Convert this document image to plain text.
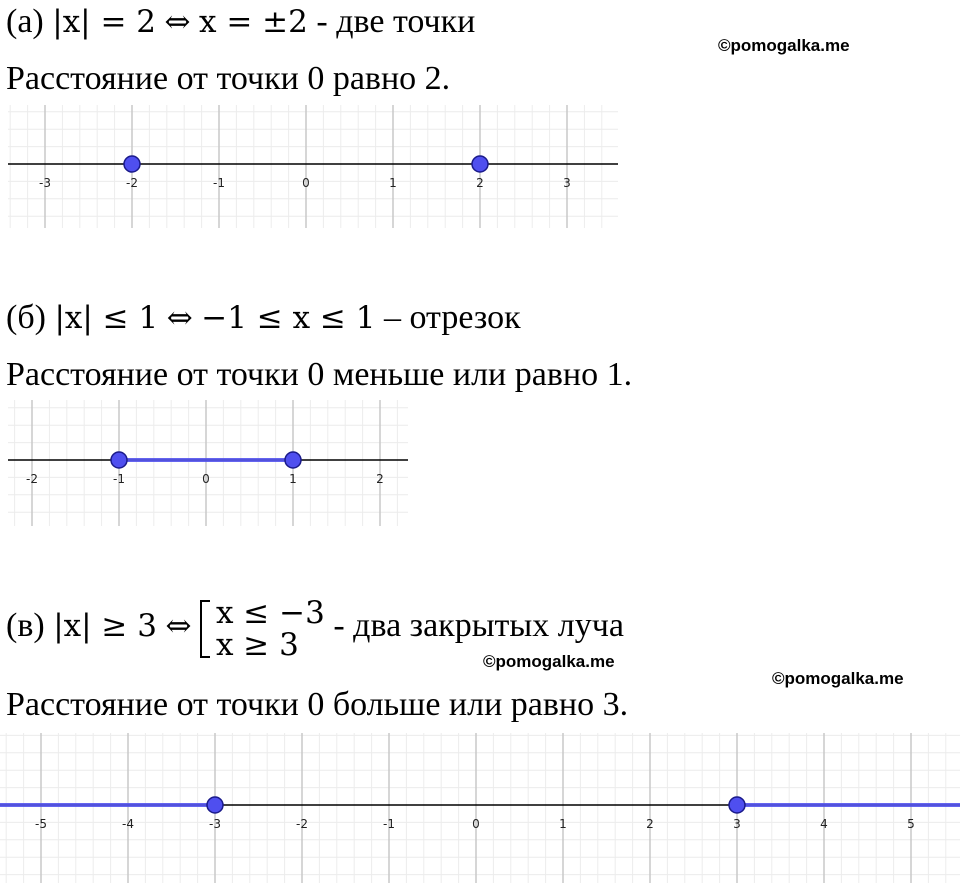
©pomogalka.me
©pomogalka.me
©pomogalka.me
(а) |x| = 2 ⇔ x = ±2 - две точки
Расстояние от точки 0 равно 2.
-3	-2	-1	0	1	2	3
(б) |x| ≤ 1 ⇔ −1 ≤ x ≤ 1 – отрезок
Расстояние от точки 0 меньше или равно 1.
-2	-1	0	1	2
(в) |x| ≥ 3 ⇔ x ≤ −3
x ≥ 3
- два закрытых луча
Расстояние от точки 0 больше или равно 3.
-5	-4	-3	-2	-1	0	1	2	3	4	5
